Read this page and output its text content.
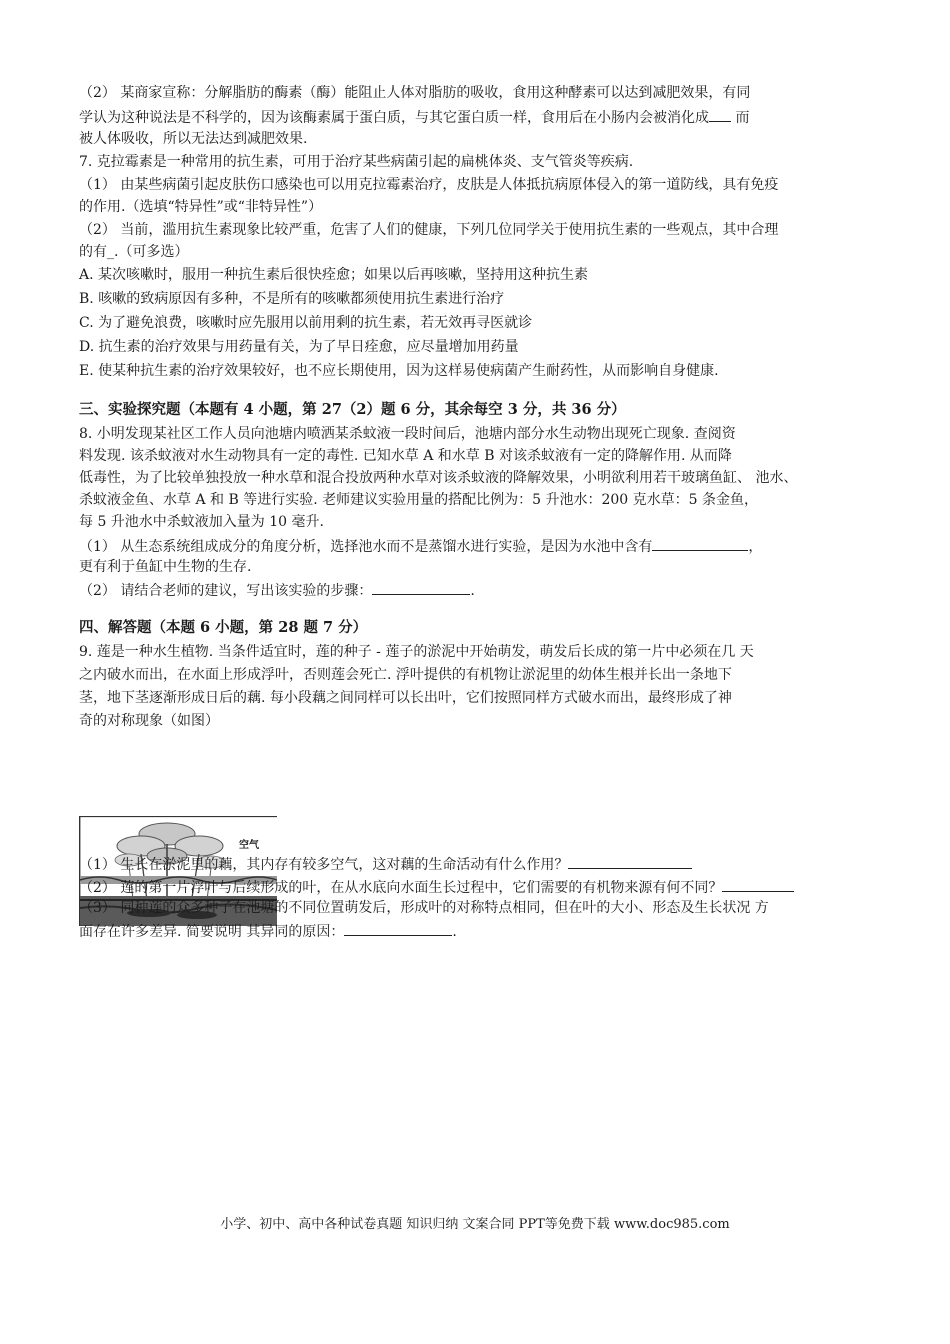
（2） 某商家宣称：分解脂肪的酶素（酶）能阻止人体对脂肪的吸收，食用这种酵素可以达到减肥效果，有同
学认为这种说法是不科学的，因为该酶素属于蛋白质，与其它蛋白质一样，食用后在小肠内会被消化成 而
被人体吸收，所以无法达到减肥效果.
7. 克拉霉素是一种常用的抗生素，可用于治疗某些病菌引起的扁桃体炎、支气管炎等疾病.
（1） 由某些病菌引起皮肤伤口感染也可以用克拉霉素治疗，皮肤是人体抵抗病原体侵入的第一道防线，具有免疫
的作用.（选填“特异性”或“非特异性”）
（2） 当前，滥用抗生素现象比较严重，危害了人们的健康，下列几位同学关于使用抗生素的一些观点，其中合理
的有_.（可多选）
A. 某次咳嗽时，服用一种抗生素后很快痊愈；如果以后再咳嗽，坚持用这种抗生素
B. 咳嗽的致病原因有多种，不是所有的咳嗽都须使用抗生素进行治疗
C. 为了避免浪费，咳嗽时应先服用以前用剩的抗生素，若无效再寻医就诊
D. 抗生素的治疗效果与用药量有关，为了早日痊愈，应尽量增加用药量
E. 使某种抗生素的治疗效果较好，也不应长期使用，因为这样易使病菌产生耐药性，从而影响自身健康.
三、实验探究题（本题有 4 小题，第 27（2）题 6 分，其余每空 3 分，共 36 分）
8. 小明发现某社区工作人员向池塘内喷洒某杀蚊液一段时间后，池塘内部分水生动物出现死亡现象. 查阅资
料发现. 该杀蚊液对水生动物具有一定的毒性. 已知水草 A 和水草 B 对该杀蚊液有一定的降解作用. 从而降
低毒性，为了比较单独投放一种水草和混合投放两种水草对该杀蚊液的降解效果，小明欲利用若干玻璃鱼缸、 池水、
杀蚊液金鱼、水草 A 和 B 等进行实验. 老师建议实验用量的搭配比例为：5 升池水：200 克水草：5 条金鱼，
每 5 升池水中杀蚊液加入量为 10 毫升.
（1） 从生态系统组成成分的角度分析，选择池水而不是蒸馏水进行实验，是因为水池中含有	，
更有利于鱼缸中生物的生存.
（2） 请结合老师的建议，写出该实验的步骤：	.
四、解答题（本题 6 小题，第 28 题 7 分）
9. 莲是一种水生植物. 当条件适宜时，莲的种子 - 莲子的淤泥中开始萌发，萌发后长成的第一片中必须在几 天
之内破水而出，在水面上形成浮叶，否则莲会死亡. 浮叶提供的有机物让淤泥里的幼体生根并长出一条地下
茎，地下茎逐渐形成日后的藕. 每小段藕之间同样可以长出叶，它们按照同样方式破水而出，最终形成了神
奇的对称现象（如图）
空气
（1） 生长在淤泥里的藕，其内存有较多空气，这对藕的生命活动有什么作用？
（2） 莲的第一片浮叶与后续形成的叶，在从水底向水面生长过程中，它们需要的有机物来源有何不同？
（3） 同种莲的众多种子在池塘的不同位置萌发后，形成叶的对称特点相同，但在叶的大小、形态及生长状况 方
面存在许多差异. 简要说明 其异同的原因：	.
小学、初中、高中各种试卷真题 知识归纳 文案合同 PPT等免费下载 www.doc985.com
